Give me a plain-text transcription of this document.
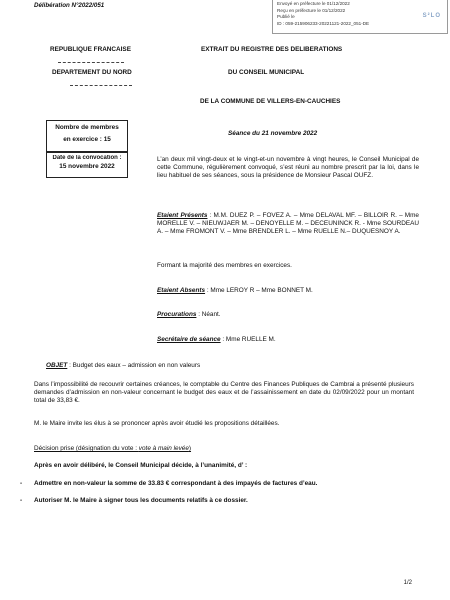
Envoyé en préfecture le 01/12/2022
Reçu en préfecture le 01/12/2022
Publié le
ID : 059-215906233-20221121-2022_051-DE
S²LO
Délibération N°2022/051
REPUBLIQUE FRANCAISE
DEPARTEMENT DU NORD
EXTRAIT DU REGISTRE DES DELIBERATIONS
DU CONSEIL MUNICIPAL
DE LA COMMUNE DE VILLERS-EN-CAUCHIES
Nombre de membres
en exercice : 15
Date de la convocation :
15 novembre 2022
Séance du 21 novembre 2022
L’an deux mil vingt-deux et le vingt-et-un novembre à vingt heures, le Conseil Municipal de cette Commune, régulièrement convoqué, s’est réuni au nombre prescrit par la loi, dans le lieu habituel de ses séances, sous la présidence de Monsieur Pascal OUFZ.
Etaient Présents : M.M. DUEZ P. – FOVEZ A. – Mme DELAVAL MF. – BILLOIR R. – Mme MORELLE V. – NIEUWJAER M. – DENOYELLE M. – DECEUNINCK R. - Mme SOURDEAU A. – Mme FROMONT V. – Mme BRENDLER L. – Mme RUELLE N.– DUQUESNOY A.
Formant la majorité des membres en exercices.
Etaient Absents : Mme LEROY R – Mme BONNET M.
Procurations : Néant.
Secrétaire de séance : Mme RUELLE M.
OBJET : Budget des eaux – admission en non valeurs
Dans l’impossibilité de recouvrir certaines créances, le comptable du Centre des Finances Publiques de Cambrai a présenté plusieurs demandes d’admission en non-valeur concernant le budget des eaux et de l’assainissement en date du 02/09/2022 pour un montant total de 33,83 €.
M. le Maire invite les élus à se prononcer après avoir étudié les propositions détaillées.
Décision prise (désignation du vote : vote à main levée)
Après en avoir délibéré, le Conseil Municipal décide, à l’unanimité, d’ :
- Admettre en non-valeur la somme de 33.83 € correspondant à des impayés de factures d’eau.
- Autoriser M. le Maire à signer tous les documents relatifs à ce dossier.
1/2
